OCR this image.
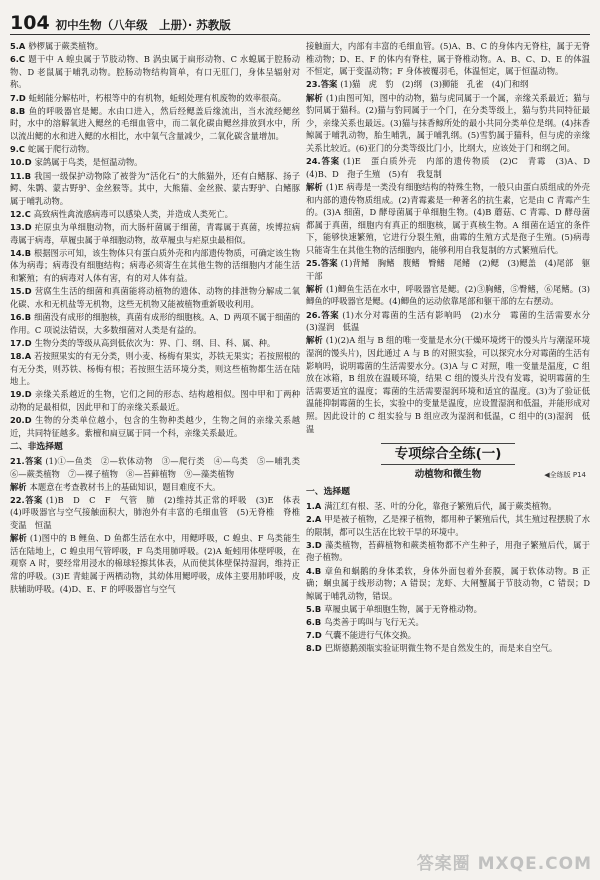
104 初中生物（八年级　上册）· 苏教版
5.A 桫椤属于蕨类植物。
6.C 题干中 A 蝗虫属于节肢动物、B 涡虫属于扁形动物、C 水螅属于腔肠动物、D 老鼠属于哺乳动物。腔肠动物结构简单，有口无肛门，身体呈辐射对称。
7.D 蚯蚓能分解枯叶，朽根等中的有机物，蚯蚓处理有机废物的效率很高。
8.B 鱼的呼吸器官是鳃。水由口进入，然后经鳃盖后缘流出，当水流经鳃丝时，水中的溶解氧进入鳃丝的毛细血管中，而二氧化碳由鳃丝排放到水中，所以流出鳃的水和进入鳃的水相比，水中氧气含量减少，二氧化碳含量增加。
9.C 蛇属于爬行动物。
10.D 家鸽属于鸟类，是恒温动物。
11.B 我国一级保护动物除了被誉为“活化石”的大熊猫外，还有白鳍豚、扬子鳄、朱鹮、蒙古野驴、金丝猴等。其中，大熊猫、金丝猴、蒙古野驴、白鳍豚属于哺乳动物。
12.C 高致病性禽流感病毒可以感染人类，并造成人类死亡。
13.D 疟原虫为单细胞动物，而大肠杆菌属于细菌，青霉属于真菌，埃博拉病毒属于病毒，草履虫属于单细胞动物，故草履虫与疟原虫最相似。
14.B 根据图示可知，该生物体只有蛋白质外壳和内部遗传物质，可确定该生物体为病毒；病毒没有细胞结构；病毒必须寄生在其他生物的活细胞内才能生活和繁殖；有的病毒对人体有害，有的对人体有益。
15.D 营腐生生活的细菌和真菌能将动植物的遗体、动物的排泄物分解成二氧化碳、水和无机盐等无机物，这些无机物又能被植物重新吸收利用。
16.B 细菌没有成形的细胞核，真菌有成形的细胞核。A、D 两项不属于细菌的作用。C 项说法错误，大多数细菌对人类是有益的。
17.D 生物分类的等级从高到低依次为：界、门、纲、目、科、属、种。
18.A 若按照果实的有无分类，则小麦、杨梅有果实，苏铁无果实；若按照根的有无分类，则苏铁、杨梅有根；若按照生活环境分类，则这些植物都生活在陆地上。
19.D 亲缘关系越近的生物，它们之间的形态、结构越相似。图中甲和丁两种动物的足最相似，因此甲和丁的亲缘关系最近。
20.D 生物的分类单位越小，包含的生物种类越少，生物之间的亲缘关系越近，共同特征越多。紫檀和扁豆属于同一个科，亲缘关系最近。
二、非选择题
21.答案 (1)①—鱼类　②—软体动物　③—爬行类　④—鸟类　⑤—哺乳类　⑥—蕨类植物　⑦—裸子植物　⑧—苔藓植物　⑨—藻类植物
解析 本题意在考查教材书上的基础知识，题目难度不大。
22.答案 (1)B　D　C　F　气管　肺　(2)维持其正常的呼吸　(3)E　体表　(4)呼吸器官与空气接触面积大，肺泡外有丰富的毛细血管　(5)无脊椎　脊椎　变温　恒温
解析 (1)图中的 B 鲤鱼、D 鱼都生活在水中，用鳃呼吸，C 蝗虫、F 鸟类能生活在陆地上，C 蝗虫用气管呼吸，F 鸟类用肺呼吸。(2)A 蚯蚓用体壁呼吸，在观察 A 时，要经常用浸水的棉球轻擦其体表，从而使其体壁保持湿润，维持正常的呼吸。(3)E 青蛙属于两栖动物，其幼体用鳃呼吸，成体主要用肺呼吸，皮肤辅助呼吸。(4)D、E、F 的呼吸器官与空气
接触面大，内部有丰富的毛细血管。(5)A、B、C 的身体内无脊柱，属于无脊椎动物；D、E、F 的体内有脊柱，属于脊椎动物。A、B、C、D、E 的体温不恒定，属于变温动物；F 身体被覆羽毛，体温恒定，属于恒温动物。
23.答案 (1)猫　虎　豹　(2)纲　(3)狮能　孔雀　(4)门和纲
解析 (1)由图可知，图中的动物，猫与虎同属于一个属，亲缘关系最近；猫与豹同属于猫科。(2)猫与豹同属于一个门，在分类等级上，猫与豹共同特征最少，亲缘关系也最远。(3)猫与抹香鲸所处的最小共同分类单位是纲。(4)抹香鲸属于哺乳动物，胎生哺乳，属于哺乳纲。(5)雪豹属于猫科，但与虎的亲缘关系比较近。(6)亚门的分类等级比门小，比纲大，应该处于门和纲之间。
24.答案 (1)E　蛋白质外壳　内部的遗传物质　(2)C　青霉　(3)A、D　(4)B、D　孢子生殖　(5)有　我复制
解析 (1)E 病毒是一类没有细胞结构的特殊生物，一般只由蛋白质组成的外壳和内部的遗传物质组成。(2)青霉素是一种著名的抗生素，它是由 C 青霉产生的。(3)A 细菌，D 酵母菌属于单细胞生物。(4)B 蘑菇、C 青霉、D 酵母菌都属于真菌，细胞内有真正的细胞核，属于真核生物。A 细菌在适宜的条件下，能够快速繁殖，它进行分裂生殖，曲霉的生殖方式是孢子生殖。(5)病毒只能寄生在其他生物的活细胞内，能够利用自我复制的方式繁殖后代。
25.答案 (1)背鳍　胸鳍　腹鳍　臀鳍　尾鳍　(2)鳃　(3)鳃盖　(4)尾部　躯干部
解析 (1)鲫鱼生活在水中，呼吸器官是鳃。(2)③胸鳍，⑤臀鳍，⑥尾鳍。(3)鲫鱼的呼吸器官是鳃。(4)鲫鱼的运动依靠尾部和躯干部的左右摆动。
26.答案 (1)水分对霉菌的生活有影响吗　(2)水分　霉菌的生活需要水分　(3)湿润　低温
解析 (1)(2)A 组与 B 组的唯一变量是水分(干燥环境烤干的馒头片与潮湿环境湿润的馒头片)，因此通过 A 与 B 的对照实验，可以探究水分对霉菌的生活有影响吗，说明霉菌的生活需要水分。(3)A 与 C 对照，唯一变量是温度，C 组放在冰箱，B 组放在温暖环境，结果 C 组的馒头片没有发霉，说明霉菌的生活需要适宜的温度；霉菌的生活需要湿润环境和适宜的温度。(3)为了验证低温能抑制霉菌的生长，实验中的变量是温度，应设置湿润和低温，并能形成对照。因此设计的 C 组实验与 B 组应改为湿润和低温，C 组中的(3)湿润　低温
专项综合全练(一)
动植物和微生物	◀全练版 P14
一、选择题
1.A 满江红有根、茎、叶的分化，靠孢子繁殖后代，属于蕨类植物。
2.A 甲是被子植物，乙是裸子植物，都用种子繁殖后代，其生殖过程摆脱了水的限制，都可以生活在比较干旱的环境中。
3.D 藻类植物，苔藓植物和蕨类植物都不产生种子，用孢子繁殖后代，属于孢子植物。
4.B 章鱼和蜗鹅的身体柔软，身体外面包着外套膜，属于软体动物。B 正确；蛔虫属于线形动物；A 错误；龙虾、大闸蟹属于节肢动物，C 错误；D 鲸属于哺乳动物，错误。
5.B 草履虫属于单细胞生物，属于无脊椎动物。
6.B 鸟类善于鸣叫与飞行无关。
7.D 气囊不能进行气体交换。
8.D 巴斯德鹅颈瓶实验证明微生物不是自然发生的，而是来自空气。
答案圈 MXQE.COM
